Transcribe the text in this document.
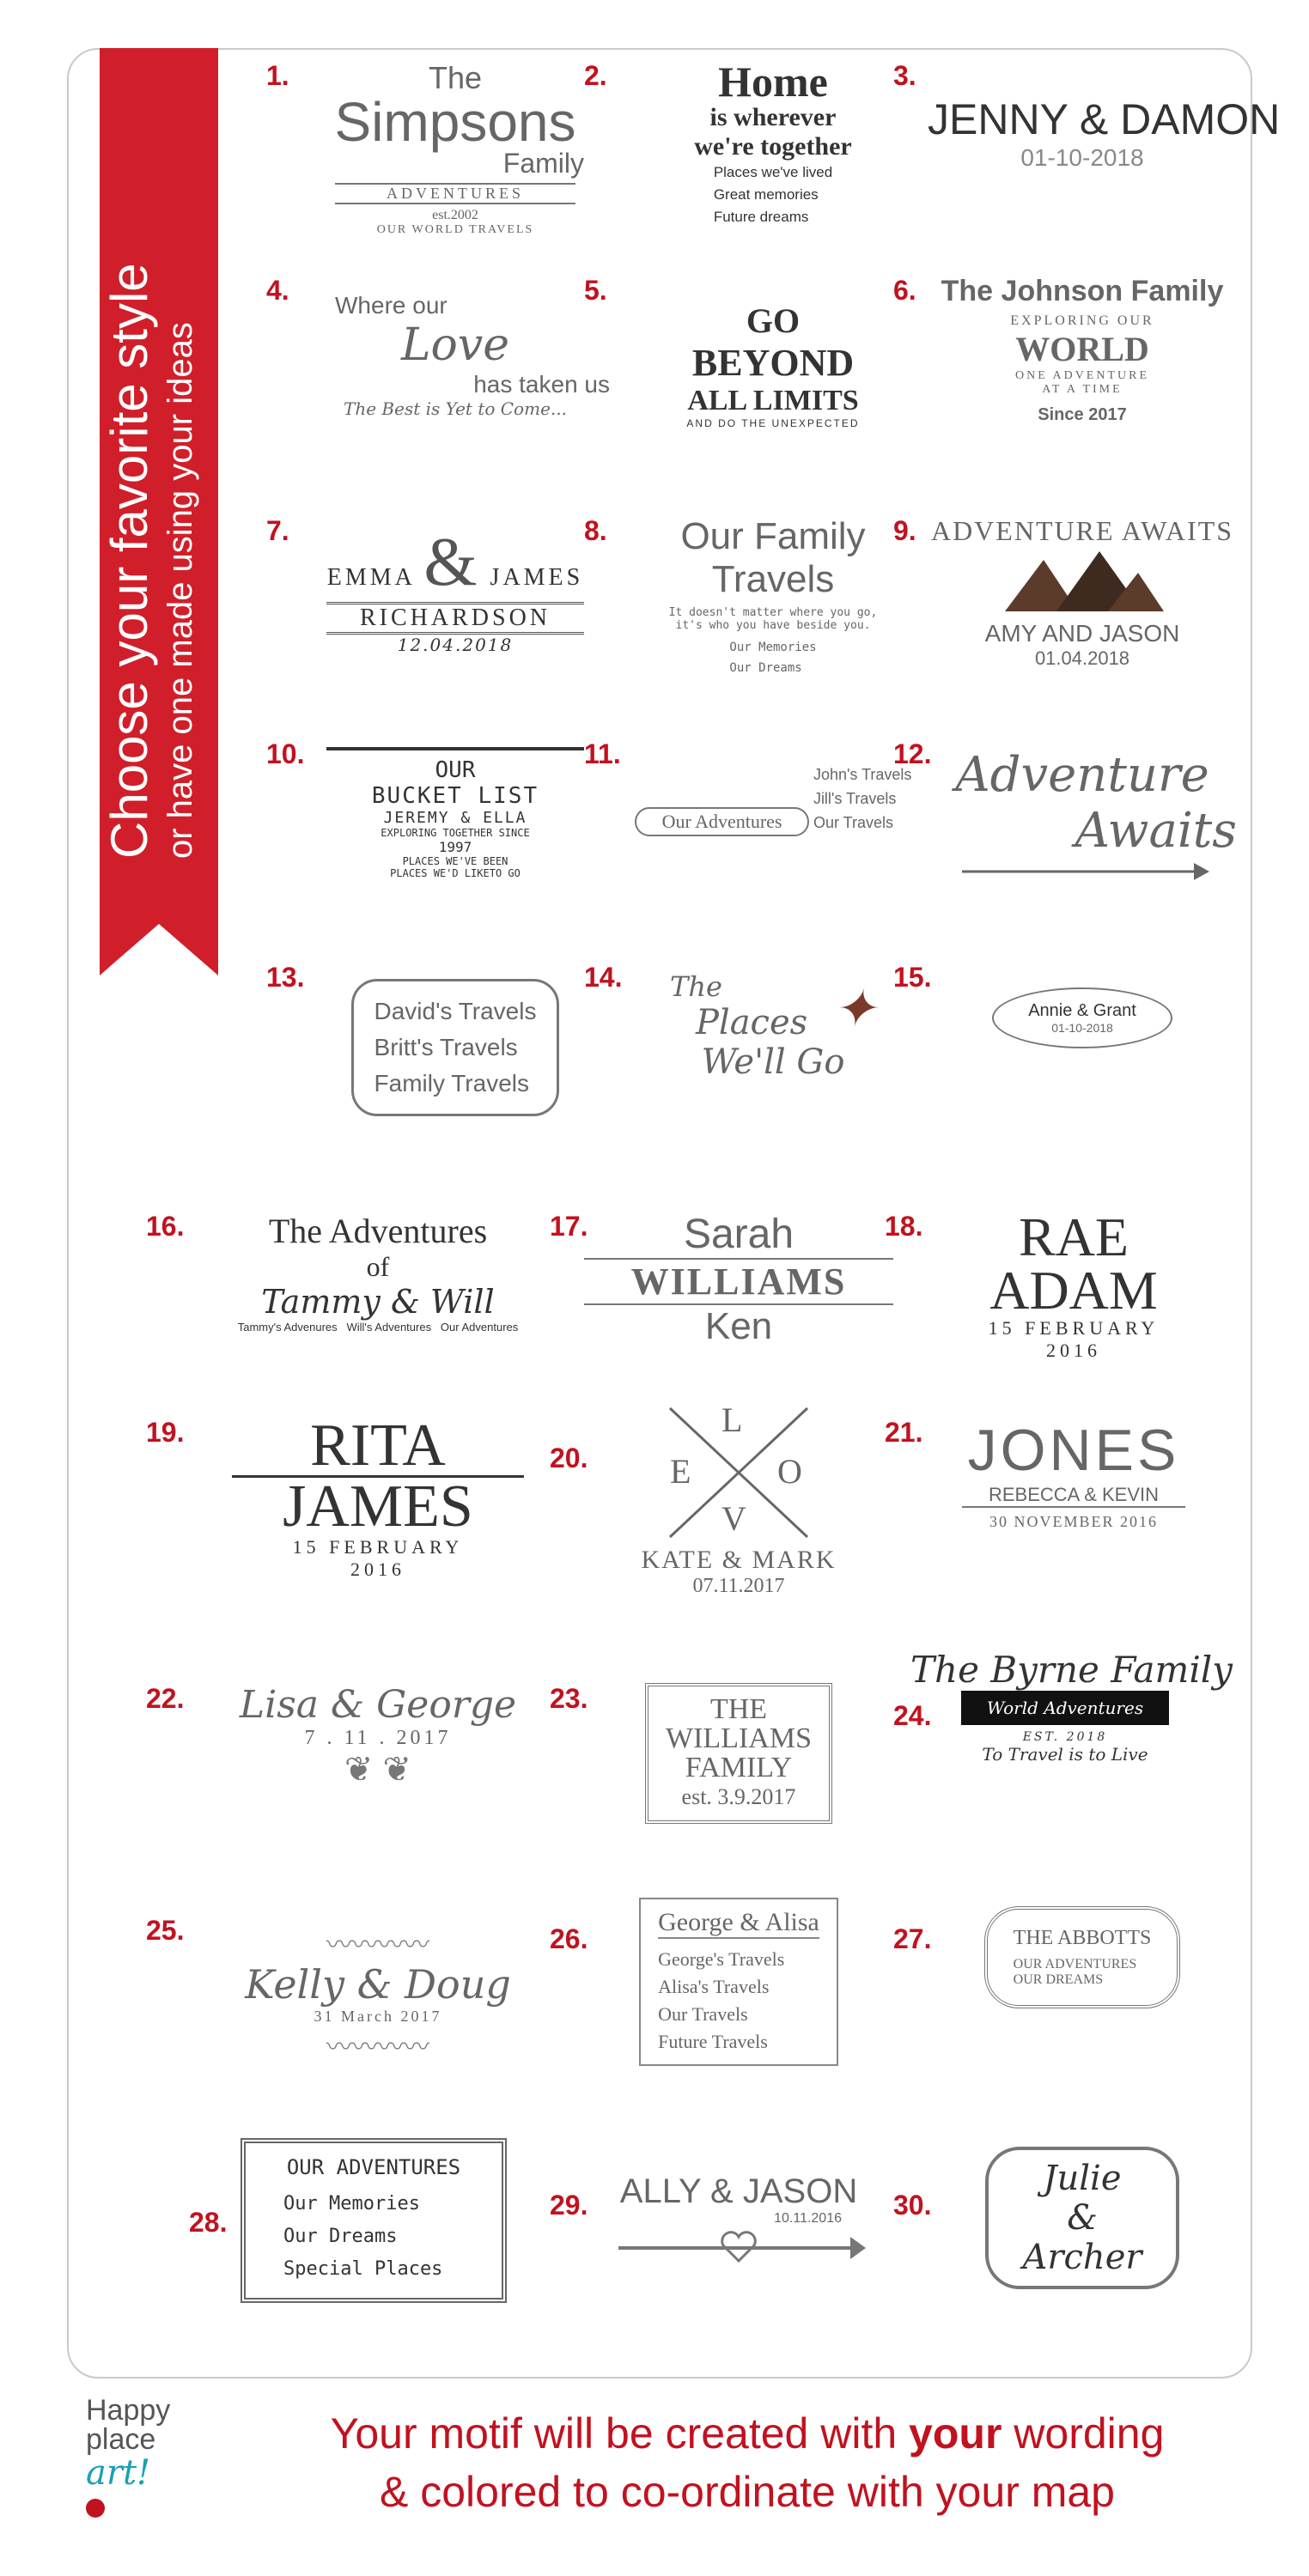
Choose your favorite style or have one made using your ideas
1.	The
Simpsons
Family
ADVENTURES
est.2002
OUR WORLD TRAVELS
2.	Home
is wherever
we're together
Places we've lived
Great memories
Future dreams
3.
JENNY & DAMON
01-10-2018
4.	Where our
Love
has taken us
The Best is Yet to Come...
5.
GO
BEYOND
ALL LIMITS
AND DO THE UNEXPECTED
6. The Johnson Family
EXPLORING OUR
WORLD
ONE ADVENTURE
AT A TIME
Since 2017
7.
EMMA & JAMES
RICHARDSON
12.04.2018
8.	Our Family
Travels
It doesn't matter where you go,
it's who you have beside you.
Our Memories
Our Dreams
9. ADVENTURE AWAITS
AMY AND JASON
01.04.2018
10.
OUR
BUCKET LIST
JEREMY & ELLA
EXPLORING TOGETHER SINCE
1997
PLACES WE'VE BEEN
PLACES WE'D LIKETO GO
11.
Our Adventures
John's Travels
Jill's Travels
Our Travels
12. Adventure
Awaits
13.
David's Travels
Britt's Travels
Family Travels
14.	The
Places
We'll Go
✦
15.
Annie & Grant
01-10-2018
16.	The Adventures
of
Tammy & Will
Tammy's Advenures Will's Adventures Our Adventures
17.	Sarah
WILLIAMS
Ken
18.	RAE
ADAM
15 FEBRUARY
2016
19.	RITA
JAMES
15 FEBRUARY
2016
20.
L
E	O
V
KATE & MARK
07.11.2017
21. JONES
REBECCA & KEVIN
30 NOVEMBER 2016
22.	Lisa & George
7 . 11 . 2017
❦ ❦
23.	THE
WILLIAMS
FAMILY
est. 3.9.2017
24.
The Byrne Family
World Adventures
EST. 2018
To Travel is to Live
25.	〰〰〰〰
Kelly & Doug
31 March 2017
〰〰〰〰
26.
George & Alisa
George's Travels
Alisa's Travels
Our Travels
Future Travels
27.	THE ABBOTTS
OUR ADVENTURES
OUR DREAMS
28.
OUR ADVENTURES
Our Memories
Our Dreams
Special Places
29. ALLY & JASON
10.11.2016	30.
Julie
&
Archer
Happy
place
art!
Your motif will be created with your wording
& colored to co-ordinate with your map
